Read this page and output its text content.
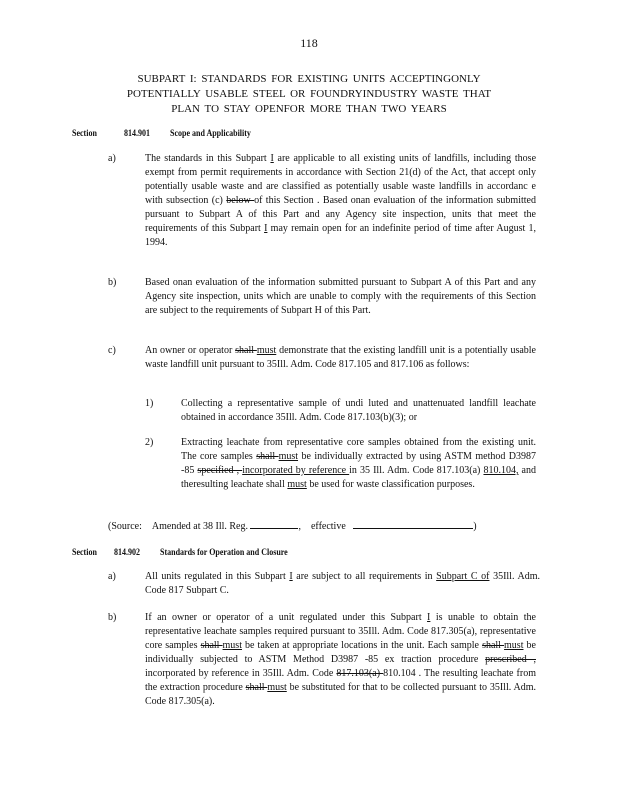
118
SUBPART I: STANDARDS FOR EXISTING UNITS ACCEPTINGONLY
POTENTIALLY USABLE STEEL OR FOUNDRYINDUSTRY WASTE THAT
PLAN TO STAY OPENFOR MORE THAN TWO YEARS
Section	814.901	Scope and Applicability
a)	The standards in this Subpart I are applicable to all existing units of landfills, including those exempt from permit requirements in accordance with Section 21(d) of the Act, that accept only potentially usable waste and are classified as potentially usable waste landfills in accordanc e with subsection (c) below of this Section . Based onan evaluation of the information submitted pursuant to Subpart A of this Part and any Agency site inspection, units that meet the requirements of this Subpart I may remain open for an indefinite period of time after August 1, 1994.
b)	Based onan evaluation of the information submitted pursuant to Subpart A of this Part and any Agency site inspection, units which are unable to comply with the requirements of this Section are subject to the requirements of Subpart H of this Part.
c)	An owner or operator shall must demonstrate that the existing landfill unit is a potentially usable waste landfill unit pursuant to 35Ill. Adm. Code 817.105 and 817.106 as follows:
1)	Collecting a representative sample of undi luted and unattenuated landfill leachate obtained in accordance 35Ill. Adm. Code 817.103(b)(3); or
2)	Extracting leachate from representative core samples obtained from the existing unit. The core samples shall must be individually extracted by using ASTM method D3987 -85 specified , incorporated by reference in 35 Ill. Adm. Code 817.103(a) 810.104, and theresulting leachate shall must be used for waste classification purposes.
(Source: Amended at 38 Ill. Reg.	,    effective	)
Section 814.902	Standards for Operation and Closure
a)	All units regulated in this Subpart I are subject to all requirements in Subpart C of 35Ill. Adm. Code 817 Subpart C.
b)	If an owner or operator of a unit regulated under this Subpart I is unable to obtain the representative leachate samples required pursuant to 35Ill. Adm. Code 817.305(a), representative core samples shall must be taken at appropriate locations in the unit. Each sample shall must be individually subjected to ASTM Method D3987 -85 ex traction procedure prescribed , incorporated by reference in 35Ill. Adm. Code 817.103(a) 810.104 . The resulting leachate from the extraction procedure shall must be substituted for that to be collected pursuant to 35Ill. Adm. Code 817.305(a).
